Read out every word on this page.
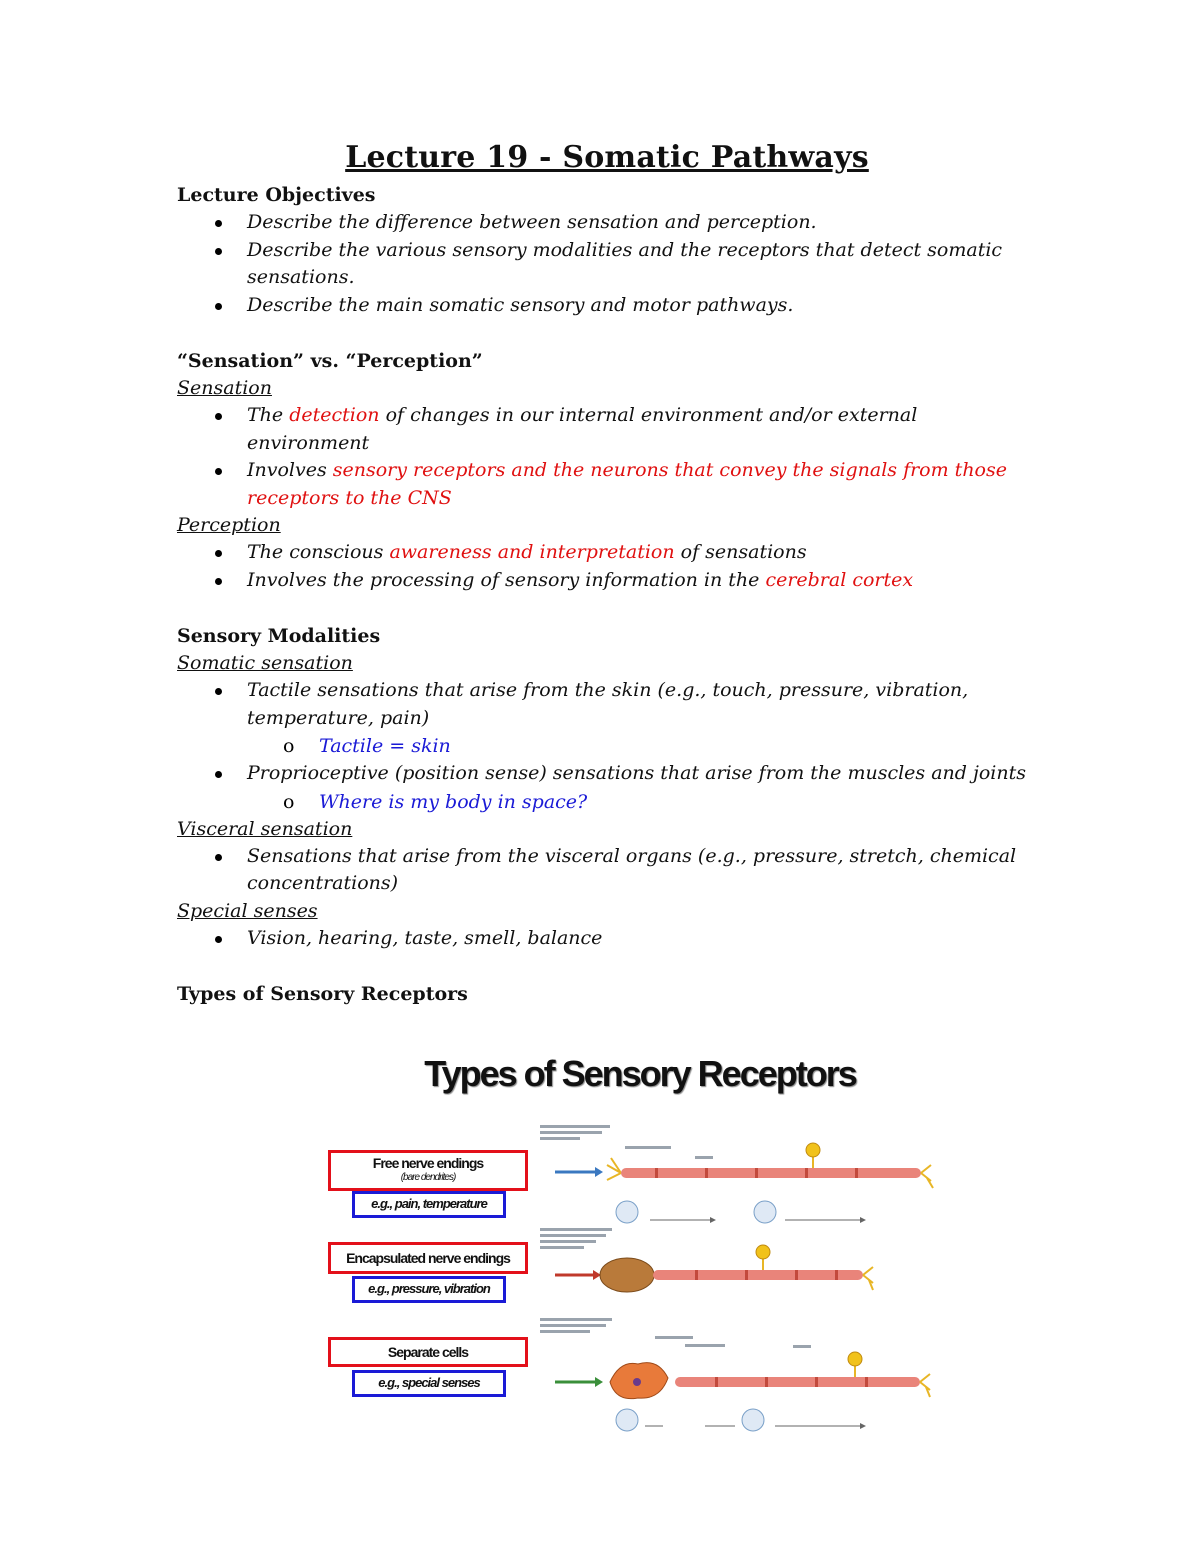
Lecture 19 - Somatic Pathways
Lecture Objectives
Describe the difference between sensation and perception.
Describe the various sensory modalities and the receptors that detect somatic sensations.
Describe the main somatic sensory and motor pathways.
“Sensation” vs. “Perception”
Sensation
The detection of changes in our internal environment and/or external environment
Involves sensory receptors and the neurons that convey the signals from those receptors to the CNS
Perception
The conscious awareness and interpretation of sensations
Involves the processing of sensory information in the cerebral cortex
Sensory Modalities
Somatic sensation
Tactile sensations that arise from the skin (e.g., touch, pressure, vibration, temperature, pain)
o Tactile = skin
Proprioceptive (position sense) sensations that arise from the muscles and joints
o Where is my body in space?
Visceral sensation
Sensations that arise from the visceral organs (e.g., pressure, stretch, chemical concentrations)
Special senses
Vision, hearing, taste, smell, balance
Types of Sensory Receptors
Types of Sensory Receptors
Free nerve endings
(bare dendrites)
e.g., pain, temperature
Encapsulated nerve endings
e.g., pressure, vibration
Separate cells
e.g., special senses
